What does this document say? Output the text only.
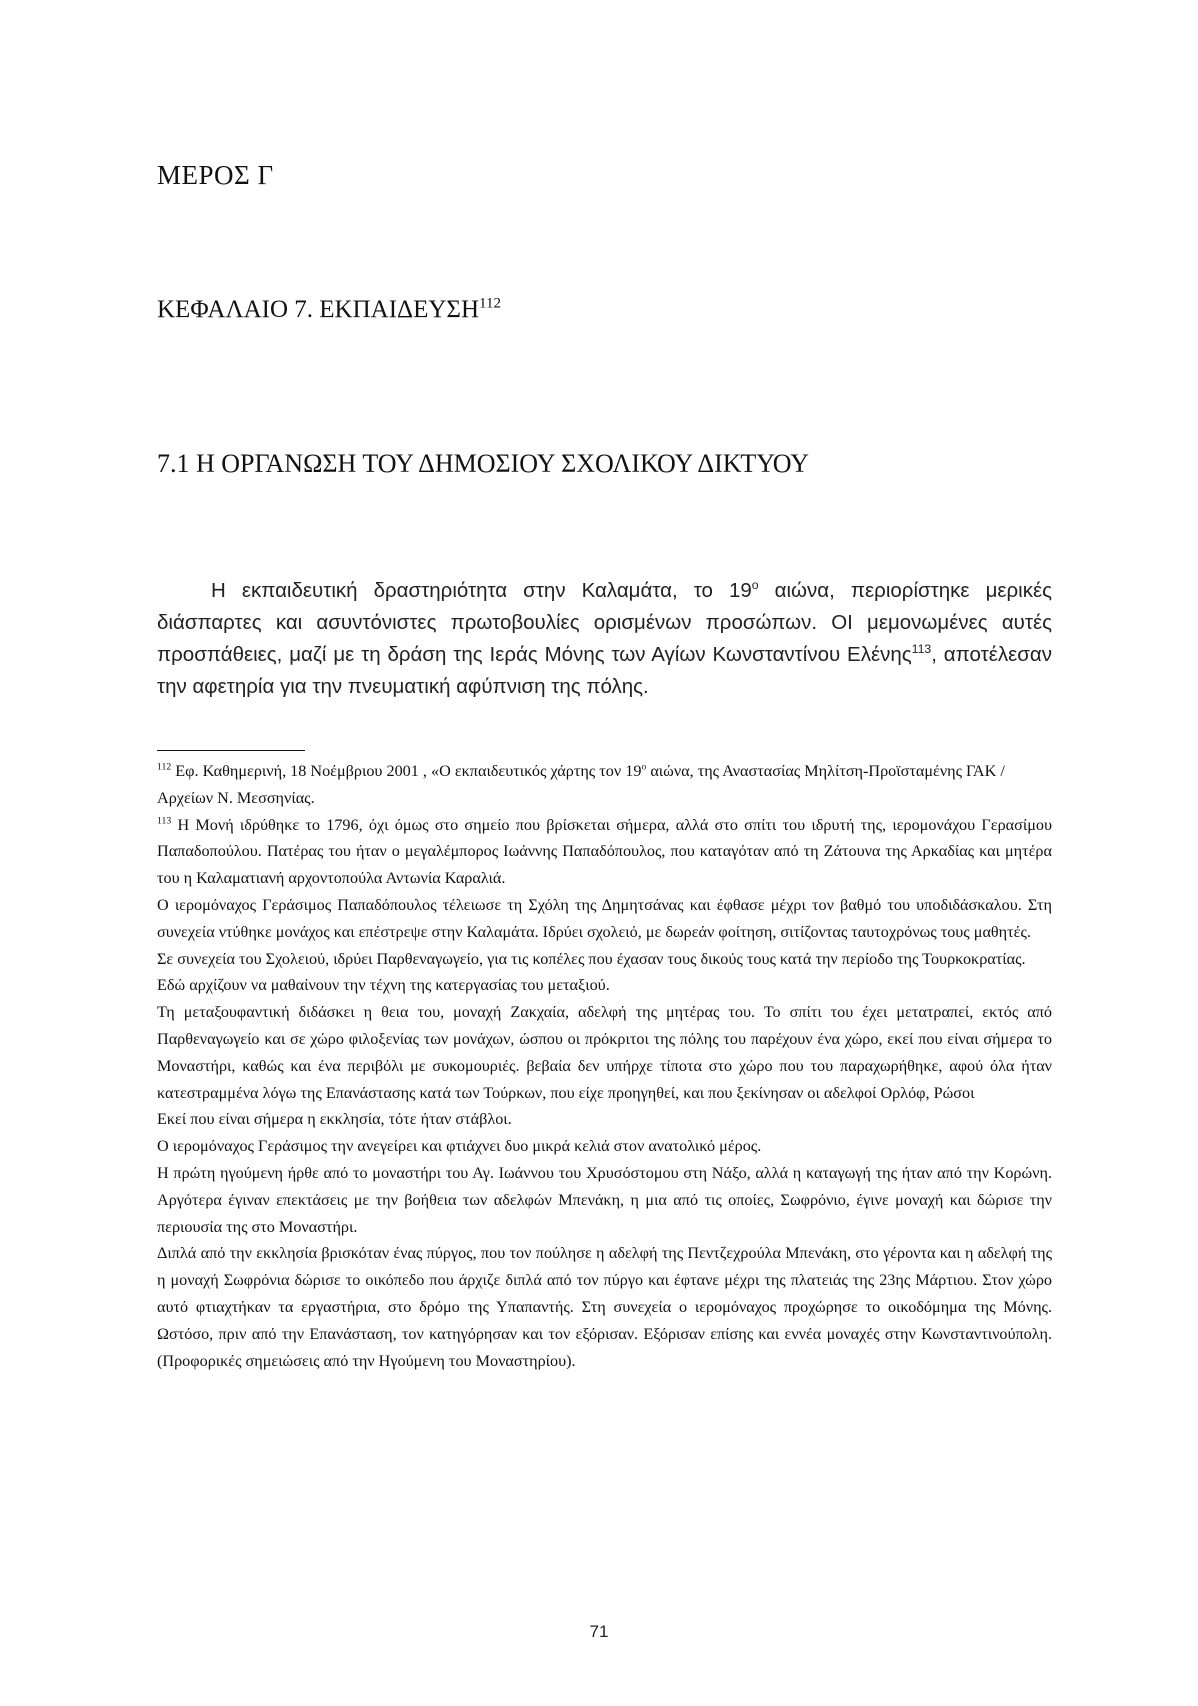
ΜΕΡΟΣ Γ
ΚΕΦΑΛΑΙΟ 7. ΕΚΠΑΙΔΕΥΣΗ$^{112}$
7.1 Η ΟΡΓΑΝΩΣΗ ΤΟΥ ΔΗΜΟΣΙΟΥ ΣΧΟΛΙΚΟΥ ΔΙΚΤΥΟΥ

Η εκπαιδευτική δραστηριότητα στην Καλαμάτα, το $19^o$ αιώνα, περιορίστηκε μερικές διάσπαρτες και ασυντόνιστες πρωτοβουλίες ορισμένων προσώπων. ΟΙ μεμονωμένες αυτές προσπάθειες, μαζί με τη δράση της Ιεράς Μόνης των Αγίων Κωνσταντίνου Ελένης$^{113}$, αποτέλεσαν την αφετηρία για την πνευματική αφύπνιση της πόλης.

$^{112}$ Εφ. Καθημερινή, 18 Νοέμβριου 2001 , «Ο εκπαιδευτικός χάρτης τον $19^o$ αιώνα, της Αναστασίας Μηλίτση-Προϊσταμένης ΓΑΚ / Αρχείων Ν. Μεσσηνίας.

$^{113}$ Η Μονή ιδρύθηκε το 1796, όχι όμως στο σημείο που βρίσκεται σήμερα, αλλά στο σπίτι του ιδρυτή της, ιερομονάχου Γερασίμου Παπαδοπούλου. Πατέρας του ήταν ο μεγαλέμπορος Ιωάννης Παπαδόπουλος, που καταγόταν από τη Ζάτουνα της Αρκαδίας και μητέρα του η Καλαματιανή αρχοντοπούλα Αντωνία Καραλιά.

Ο ιερομόναχος Γεράσιμος Παπαδόπουλος τέλειωσε τη Σχόλη της Δημητσάνας και έφθασε μέχρι τον βαθμό του υποδιδάσκαλου. Στη συνεχεία ντύθηκε μονάχος και επέστρεψε στην Καλαμάτα. Ιδρύει σχολειό, με δωρεάν φοίτηση, σιτίζοντας ταυτοχρόνως τους μαθητές.

Σε συνεχεία του Σχολειού, ιδρύει Παρθεναγωγείο, για τις κοπέλες που έχασαν τους δικούς τους κατά την περίοδο της Τουρκοκρατίας.

Εδώ αρχίζουν να μαθαίνουν την τέχνη της κατεργασίας του μεταξιού.

Τη μεταξουφαντική διδάσκει η θεια του, μοναχή Ζακχαία, αδελφή της μητέρας του. Το σπίτι του έχει μετατραπεί, εκτός από Παρθεναγωγείο και σε χώρο φιλοξενίας των μονάχων, ώσπου οι πρόκριτοι της πόλης του παρέχουν ένα χώρο, εκεί που είναι σήμερα το Μοναστήρι, καθώς και ένα περιβόλι με συκομουριές. βεβαία δεν υπήρχε τίποτα στο χώρο που του παραχωρήθηκε, αφού όλα ήταν κατεστραμμένα λόγω της Επανάστασης κατά των Τούρκων, που είχε προηγηθεί, και που ξεκίνησαν οι αδελφοί Ορλόφ, Ρώσοι

Εκεί που είναι σήμερα η εκκλησία, τότε ήταν στάβλοι.

Ο ιερομόναχος Γεράσιμος την ανεγείρει και φτιάχνει δυο μικρά κελιά στον ανατολικό μέρος.

Η πρώτη ηγούμενη ήρθε από το μοναστήρι του Αγ. Ιωάννου του Χρυσόστομου στη Νάξο, αλλά η καταγωγή της ήταν από την Κορώνη. Αργότερα έγιναν επεκτάσεις με την βοήθεια των αδελφών Μπενάκη, η μια από τις οποίες, Σωφρόνιο, έγινε μοναχή και δώρισε την περιουσία της στο Μοναστήρι.

Διπλά από την εκκλησία βρισκόταν ένας πύργος, που τον πούλησε η αδελφή της Πεντζεχρούλα Μπενάκη, στο γέροντα και η αδελφή της η μοναχή Σωφρόνια δώρισε το οικόπεδο που άρχιζε διπλά από τον πύργο και έφτανε μέχρι της πλατειάς της 23ης Μάρτιου. Στον χώρο αυτό φτιαχτήκαν τα εργαστήρια, στο δρόμο της Υπαπαντής. Στη συνεχεία ο ιερομόναχος προχώρησε το οικοδόμημα της Μόνης. Ωστόσο, πριν από την Επανάσταση, τον κατηγόρησαν και τον εξόρισαν. Εξόρισαν επίσης και εννέα μοναχές στην Κωνσταντινούπολη. (Προφορικές σημειώσεις από την Ηγούμενη του Μοναστηρίου).

71
